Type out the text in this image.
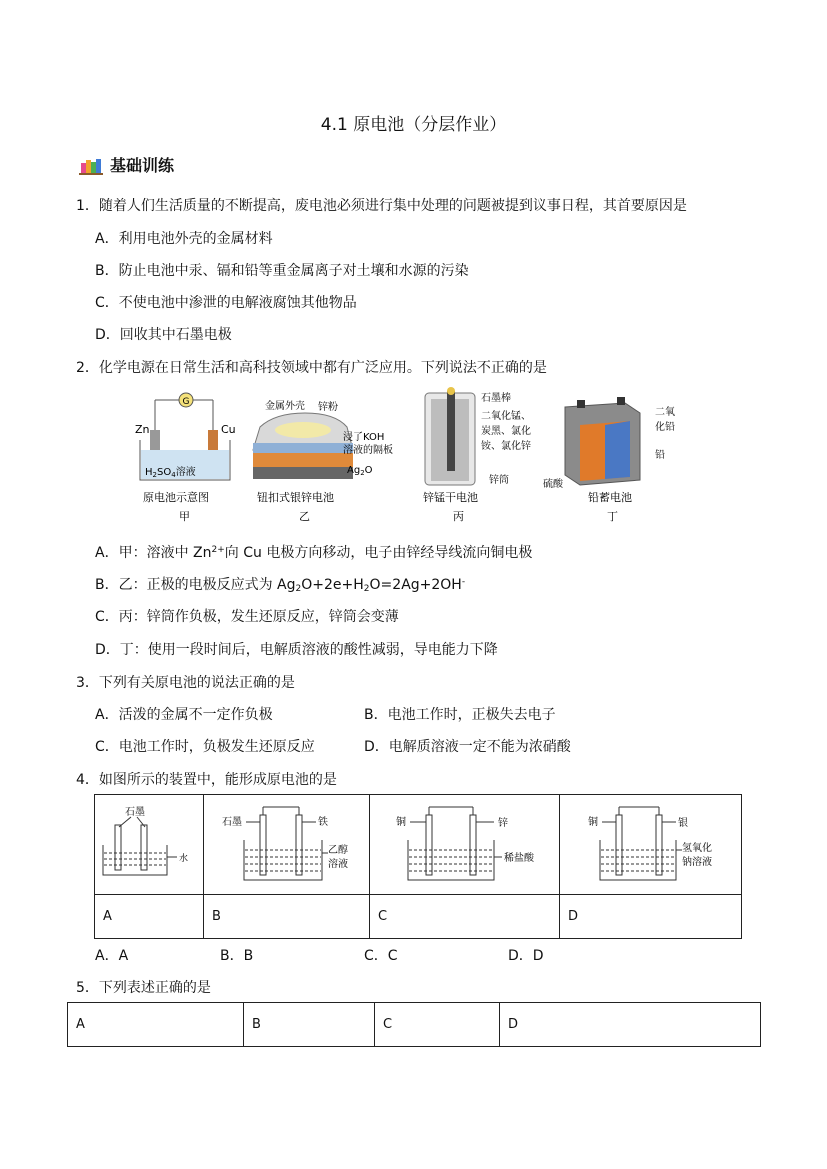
4.1 原电池（分层作业）
基础训练
1．随着人们生活质量的不断提高，废电池必须进行集中处理的问题被提到议事日程，其首要原因是
A．利用电池外壳的金属材料
B．防止电池中汞、镉和铅等重金属离子对土壤和水源的污染
C．不使电池中渗泄的电解液腐蚀其他物品
D．回收其中石墨电极
2．化学电源在日常生活和高科技领域中都有广泛应用。下列说法不正确的是
G
Zn	Cu
$H_2SO_4$溶液
原电池示意图
甲
金属外壳 锌粉
浸了KOH
溶液的隔板
$Ag_2O$
钮扣式银锌电池
乙
石墨棒
二氧化锰、
炭黑、氯化
铵、氯化锌
锌筒
锌锰干电池
丙
二氧
化铅
铅
硫酸
铅蓄电池
丁
A．甲：溶液中 $Zn^{2+}$向 Cu 电极方向移动，电子由锌经导线流向铜电极
B．乙：正极的电极反应式为 $Ag_2O+2e+H_2O=2Ag+2OH^-$
C．丙：锌筒作负极，发生还原反应，锌筒会变薄
D．丁：使用一段时间后，电解质溶液的酸性减弱，导电能力下降
3．下列有关原电池的说法正确的是
A．活泼的金属不一定作负极	B．电池工作时，正极失去电子
C．电池工作时，负极发生还原反应	D．电解质溶液一定不能为浓硝酸
4．如图所示的装置中，能形成原电池的是
石墨
水	石墨 铁
乙醇
溶液	铜 锌
稀盐酸	铜 银
氢氧化
钠溶液

A	B	C	D
A．A	B．B	C．C	D．D
5．下列表述正确的是
A	B	C	D
